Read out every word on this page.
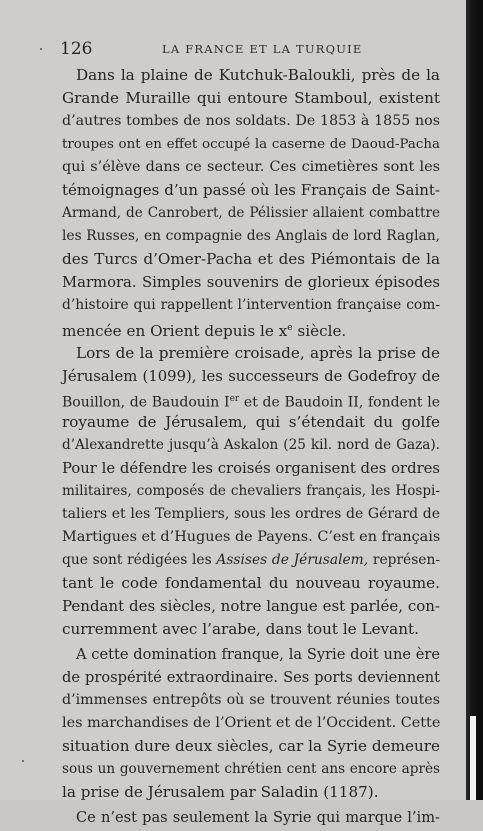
126	LA FRANCE ET LA TURQUIE
Dans la plaine de Kutchuk-Baloukli, près de la
Grande Muraille qui entoure Stamboul, existent
d’autres tombes de nos soldats. De 1853 à 1855 nos
troupes ont en effet occupé la caserne de Daoud-Pacha
qui s’élève dans ce secteur. Ces cimetières sont les
témoignages d’un passé où les Français de Saint-
Armand, de Canrobert, de Pélissier allaient combattre
les Russes, en compagnie des Anglais de lord Raglan,
des Turcs d’Omer-Pacha et des Piémontais de la
Marmora. Simples souvenirs de glorieux épisodes
d’histoire qui rappellent l’intervention française com-
mencée en Orient depuis le $x^e$ siècle.
Lors de la première croisade, après la prise de
Jérusalem (1099), les successeurs de Godefroy de
Bouillon, de Baudouin Ier et de Baudoin II, fondent le
royaume de Jérusalem, qui s’étendait du golfe
d’Alexandrette jusqu’à Askalon (25 kil. nord de Gaza).
Pour le défendre les croisés organisent des ordres
militaires, composés de chevaliers français, les Hospi-
taliers et les Templiers, sous les ordres de Gérard de
Martigues et d’Hugues de Payens. C’est en français
que sont rédigées les Assises de Jérusalem, représen-
tant le code fondamental du nouveau royaume.
Pendant des siècles, notre langue est parlée, con-
curremment avec l’arabe, dans tout le Levant.
A cette domination franque, la Syrie doit une ère
de prospérité extraordinaire. Ses ports deviennent
d’immenses entrepôts où se trouvent réunies toutes
les marchandises de l’Orient et de l’Occident. Cette
situation dure deux siècles, car la Syrie demeure
sous un gouvernement chrétien cent ans encore après
la prise de Jérusalem par Saladin (1187).
Ce n’est pas seulement la Syrie qui marque l’im-
